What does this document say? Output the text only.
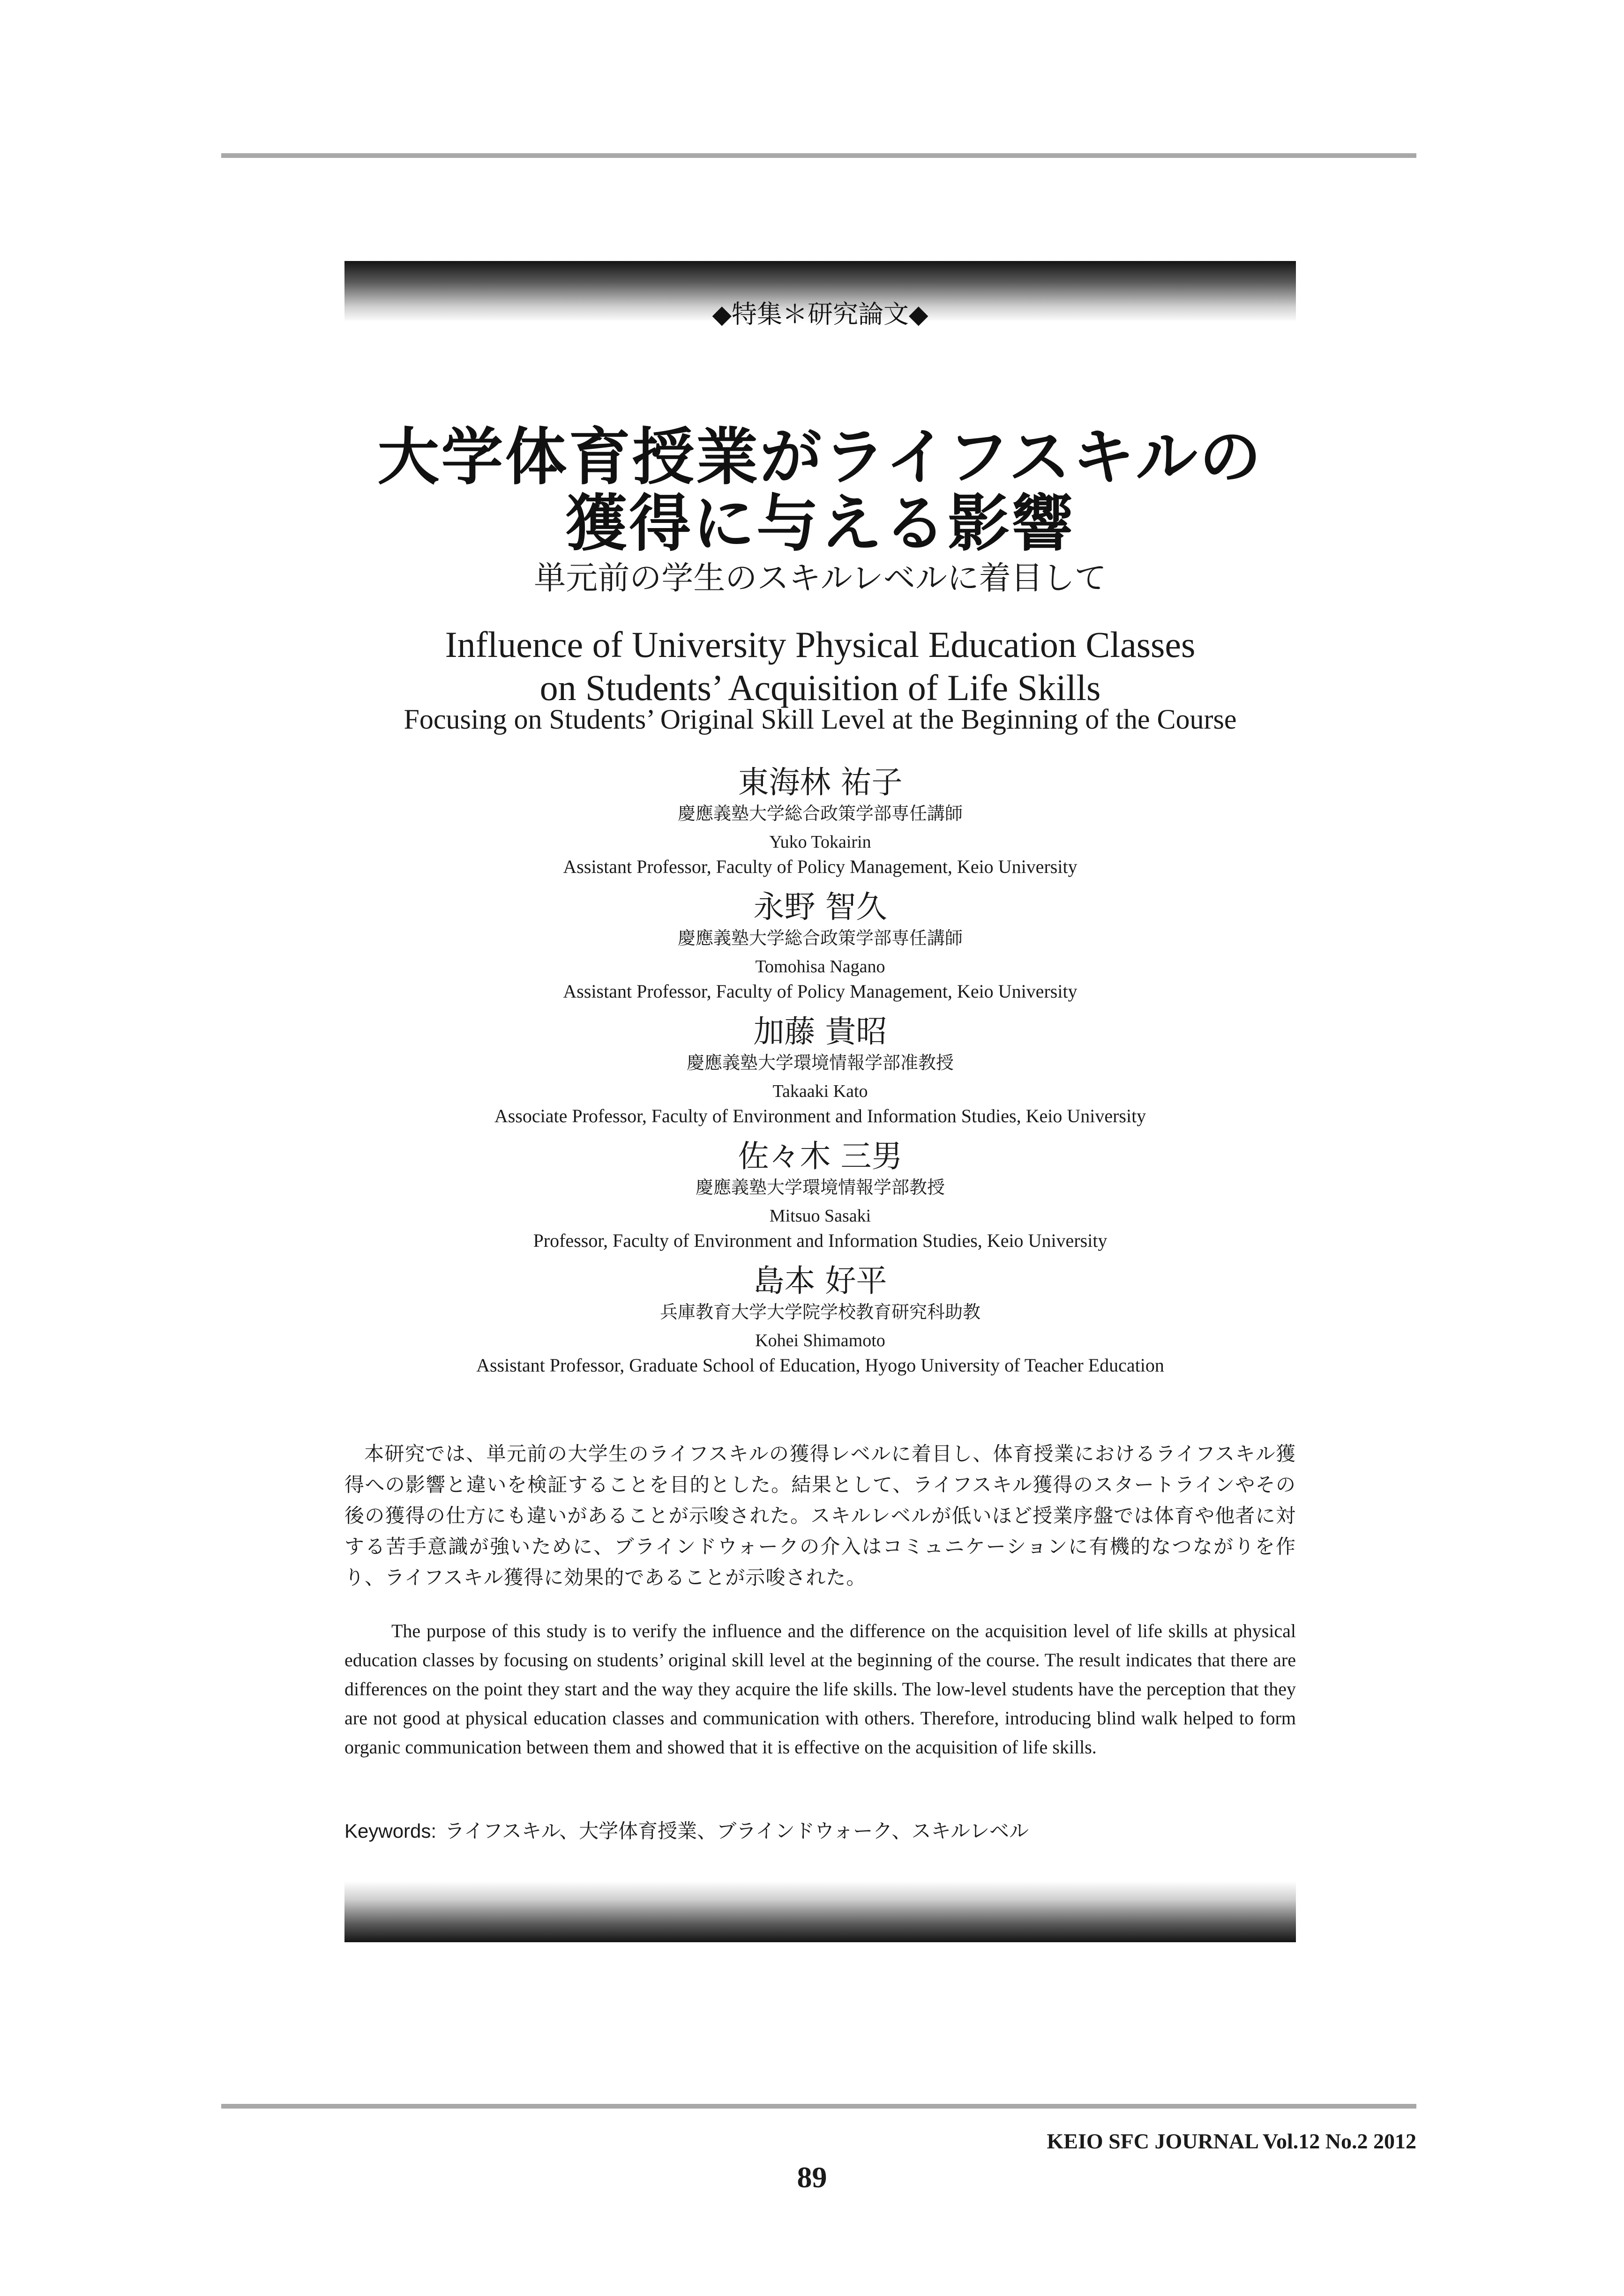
◆特集＊研究論文◆
大学体育授業がライフスキルの
獲得に与える影響
単元前の学生のスキルレベルに着目して
Influence of University Physical Education Classes
on Students’ Acquisition of Life Skills
Focusing on Students’ Original Skill Level at the Beginning of the Course
東海林 祐子
慶應義塾大学総合政策学部専任講師
Yuko Tokairin
Assistant Professor, Faculty of Policy Management, Keio University
永野 智久
慶應義塾大学総合政策学部専任講師
Tomohisa Nagano
Assistant Professor, Faculty of Policy Management, Keio University
加藤 貴昭
慶應義塾大学環境情報学部准教授
Takaaki Kato
Associate Professor, Faculty of Environment and Information Studies, Keio University
佐々木 三男
慶應義塾大学環境情報学部教授
Mitsuo Sasaki
Professor, Faculty of Environment and Information Studies, Keio University
島本 好平
兵庫教育大学大学院学校教育研究科助教
Kohei Shimamoto
Assistant Professor, Graduate School of Education, Hyogo University of Teacher Education
本研究では、単元前の大学生のライフスキルの獲得レベルに着目し、体育授業におけるライフスキル獲得への影響と違いを検証することを目的とした。結果として、ライフスキル獲得のスタートラインやその後の獲得の仕方にも違いがあることが示唆された。スキルレベルが低いほど授業序盤では体育や他者に対する苦手意識が強いために、ブラインドウォークの介入はコミュニケーションに有機的なつながりを作り、ライフスキル獲得に効果的であることが示唆された。
The purpose of this study is to verify the influence and the difference on the acquisition level of life skills at physical education classes by focusing on students’ original skill level at the beginning of the course. The result indicates that there are differences on the point they start and the way they acquire the life skills. The low-level students have the perception that they are not good at physical education classes and communication with others. Therefore, introducing blind walk helped to form organic communication between them and showed that it is effective on the acquisition of life skills.
Keywords: ライフスキル、大学体育授業、ブラインドウォーク、スキルレベル
KEIO SFC JOURNAL Vol.12 No.2 2012
89
